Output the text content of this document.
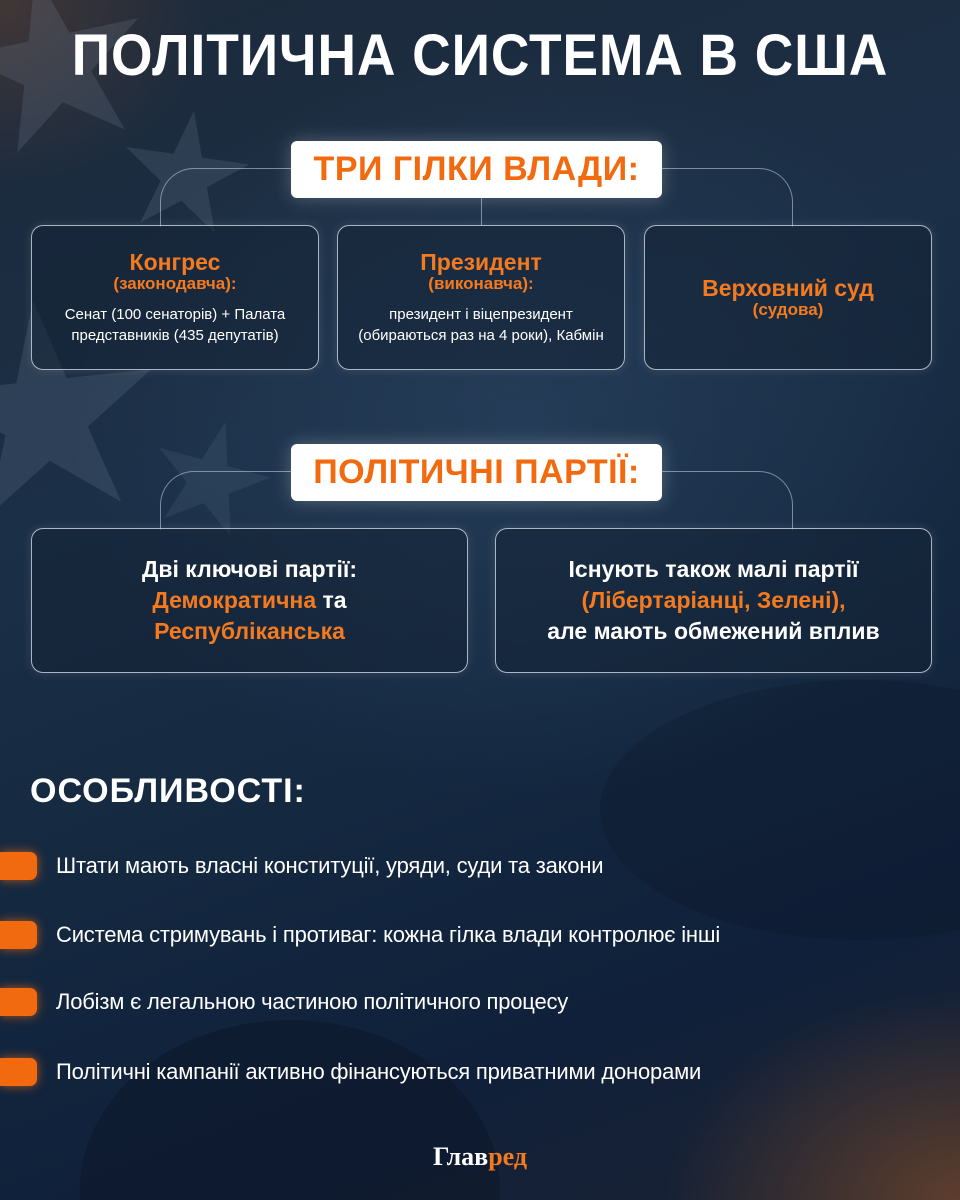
ПОЛІТИЧНА СИСТЕМА В США
ТРИ ГІЛКИ ВЛАДИ:
Конгрес
(законодавча):
Сенат (100 сенаторів) + Палата представників (435 депутатів)
Президент
(виконавча):
президент і віцепрезидент (обираються раз на 4 роки), Кабмін
Верховний суд
(судова)
ПОЛІТИЧНІ ПАРТІЇ:
Дві ключові партії:
Демократична та
Республіканська
Існують також малі партії
(Лібертаріанці, Зелені),
але мають обмежений вплив
ОСОБЛИВОСТІ:
Штати мають власні конституції, уряди, суди та закони
Система стримувань і противаг: кожна гілка влади контролює інші
Лобізм є легальною частиною політичного процесу
Політичні кампанії активно фінансуються приватними донорами
Главред
